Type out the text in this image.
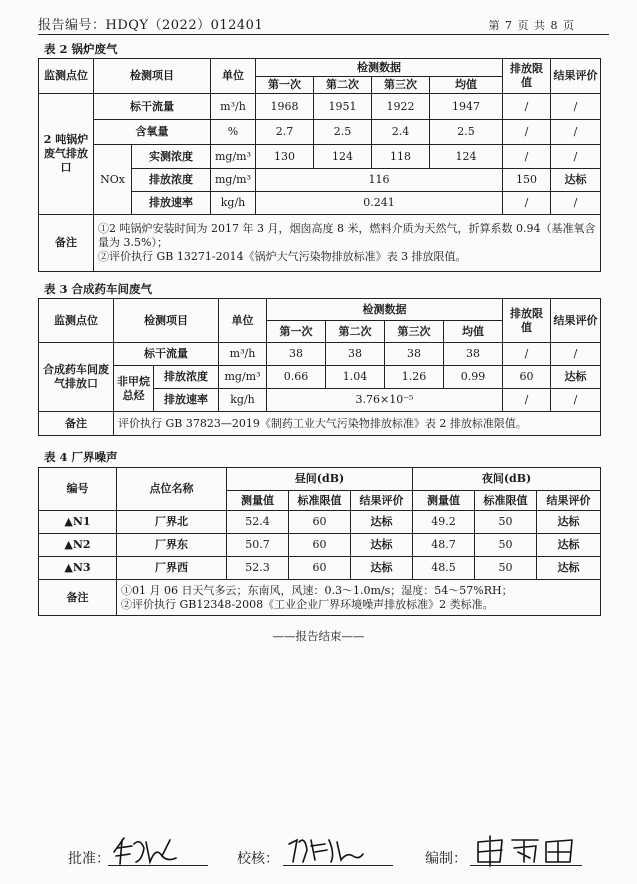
报告编号：HDQY（2022）012401	第 7 页 共 8 页
表 2 锅炉废气
监测点位	检测项目		单位	检测数据				排放限值	结果评价
				第一次	第二次	第三次	均值		
2 吨锅炉废气排放口	标干流量		m³/h	1968	1951	1922	1947	/	/
	含氧量		%	2.7	2.5	2.4	2.5	/	/
	NOx	实测浓度	mg/m³	130	124	118	124	/	/
		排放浓度	mg/m³	116				150	达标
		排放速率	kg/h	0.241				/	/
备注	①2 吨锅炉安装时间为 2017 年 3 月，烟囱高度 8 米，燃料介质为天然气，折算系数 0.94（基准氧含量为 3.5%）；
②评价执行 GB 13271-2014《锅炉大气污染物排放标准》表 3 排放限值。								
表 3 合成药车间废气
监测点位	检测项目		单位	检测数据				排放限值	结果评价
				第一次	第二次	第三次	均值		
合成药车间废气排放口	标干流量		m³/h	38	38	38	38	/	/
	非甲烷总烃	排放浓度	mg/m³	0.66	1.04	1.26	0.99	60	达标
		排放速率	kg/h	3.76×10⁻⁵				/	/
备注	评价执行 GB 37823—2019《制药工业大气污染物排放标准》表 2 排放标准限值。								
表 4 厂界噪声
编号	点位名称	昼间(dB)			夜间(dB)		
		测量值	标准限值	结果评价	测量值	标准限值	结果评价
▲N1	厂界北	52.4	60	达标	49.2	50	达标
▲N2	厂界东	50.7	60	达标	48.7	50	达标
▲N3	厂界西	52.3	60	达标	48.5	50	达标
备注	①01 月 06 日天气多云；东南风，风速：0.3～1.0m/s；湿度：54～57%RH；
②评价执行 GB12348-2008《工业企业厂界环境噪声排放标准》2 类标准。						
——报告结束——
批准：	校核：	编制：
